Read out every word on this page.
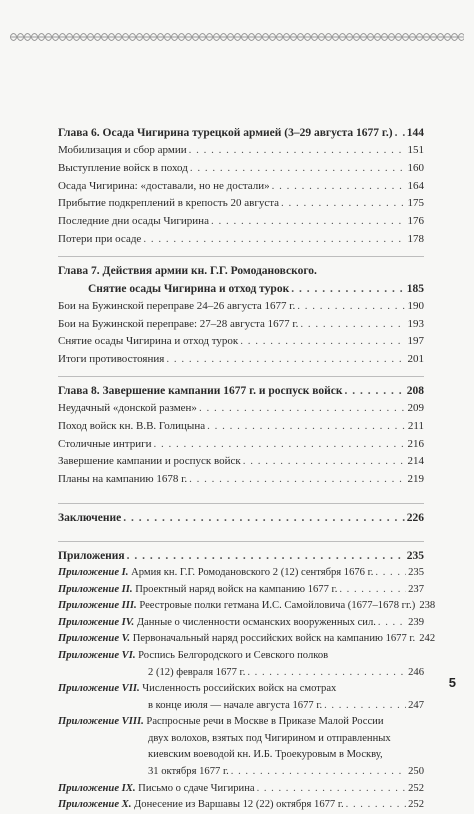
Глава 6. Осада Чигирина турецкой армией (3–29 августа 1677 г.) . . . 144
Мобилизация и сбор армии . . .	151
Выступление войск в поход . . .	160
Осада Чигирина: «доставали, но не достали» . . .	164
Прибытие подкреплений в крепость 20 августа . . .	175
Последние дни осады Чигирина . . .	176
Потери при осаде . . .	178
Глава 7. Действия армии кн. Г.Г. Ромодановского.
Снятие осады Чигирина и отход турок . . .	185
Бои на Бужинской переправе 24–26 августа 1677 г. . . .	190
Бои на Бужинской переправе: 27–28 августа 1677 г. . . .	193
Снятие осады Чигирина и отход турок . . .	197
Итоги противостояния . . .	201
Глава 8. Завершение кампании 1677 г. и роспуск войск . . .	208
Неудачный «донской размен» . . .	209
Поход войск кн. В.В. Голицына . . .	211
Столичные интриги . . .	216
Завершение кампании и роспуск войск . . .	214
Планы на кампанию 1678 г. . . .	219
Заключение . . .	226
Приложения . . .	235
Приложение I. Армия кн. Г.Г. Ромодановского 2 (12) сентября 1676 г. . . .	235
Приложение II. Проектный наряд войск на кампанию 1677 г. . . .	237
Приложение III. Реестровые полки гетмана И.С. Самойловича (1677–1678 гг.) 238
Приложение IV. Данные о численности османских вооруженных сил. . . .	239
Приложение V. Первоначальный наряд российских войск на кампанию 1677 г. 242
Приложение VI. Роспись Белгородского и Севского полков
2 (12) февраля 1677 г. . . .	246
Приложение VII. Численность российских войск на смотрах
в конце июля — начале августа 1677 г. . . .	247
Приложение VIII. Распросные речи в Москве в Приказе Малой России
двух волохов, взятых под Чигирином и отправленных
киевским воеводой кн. И.Б. Троекуровым в Москву,
31 октября 1677 г. . . .	250
Приложение IX. Письмо о сдаче Чигирина . . .	252
Приложение X. Донесение из Варшавы 12 (22) октября 1677 г. . . .	252
5
